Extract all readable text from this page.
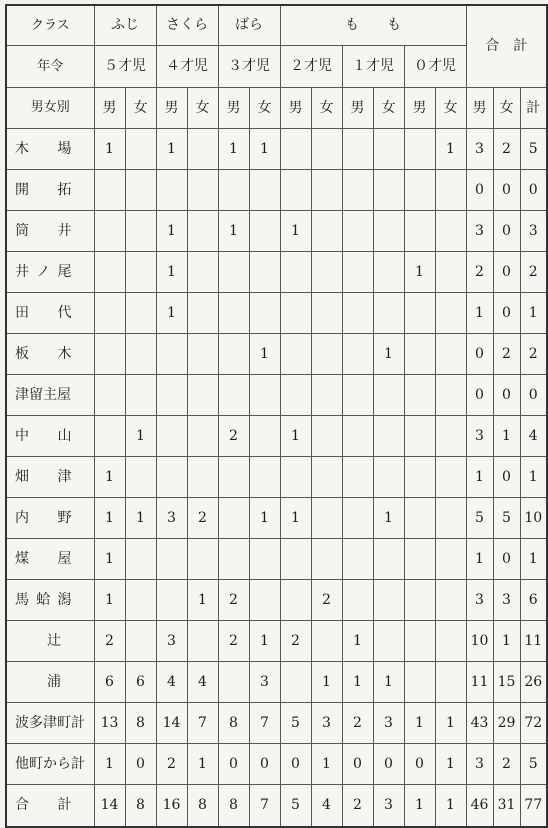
クラス	ふじ		さくら		ばら		も　　も						合　計		
年令	５才児		４才児		３才児		２才児		１才児		０才児				
男女別	男	女	男	女	男	女	男	女	男	女	男	女	男	女	計
木　場	1		1		1	1						1	3	2	5
開　拓													0	0	0
筒　井			1		1		1						3	0	3
井ノ尾			1								1		2	0	2
田　代			1										1	0	1
板　木						1				1			0	2	2
津留主屋													0	0	0
中　山		1			2		1						3	1	4
畑　津	1												1	0	1
内　野	1	1	3	2		1	1			1			5	5	10
煤　屋	1												1	0	1
馬蛤潟	1			1	2			2					3	3	6
辻	2		3		2	1	2		1				10	1	11
浦	6	6	4	4		3		1	1	1			11	15	26
波多津町計	13	8	14	7	8	7	5	3	2	3	1	1	43	29	72
他町から計	1	0	2	1	0	0	0	1	0	0	0	1	3	2	5
合　　計	14	8	16	8	8	7	5	4	2	3	1	1	46	31	77
